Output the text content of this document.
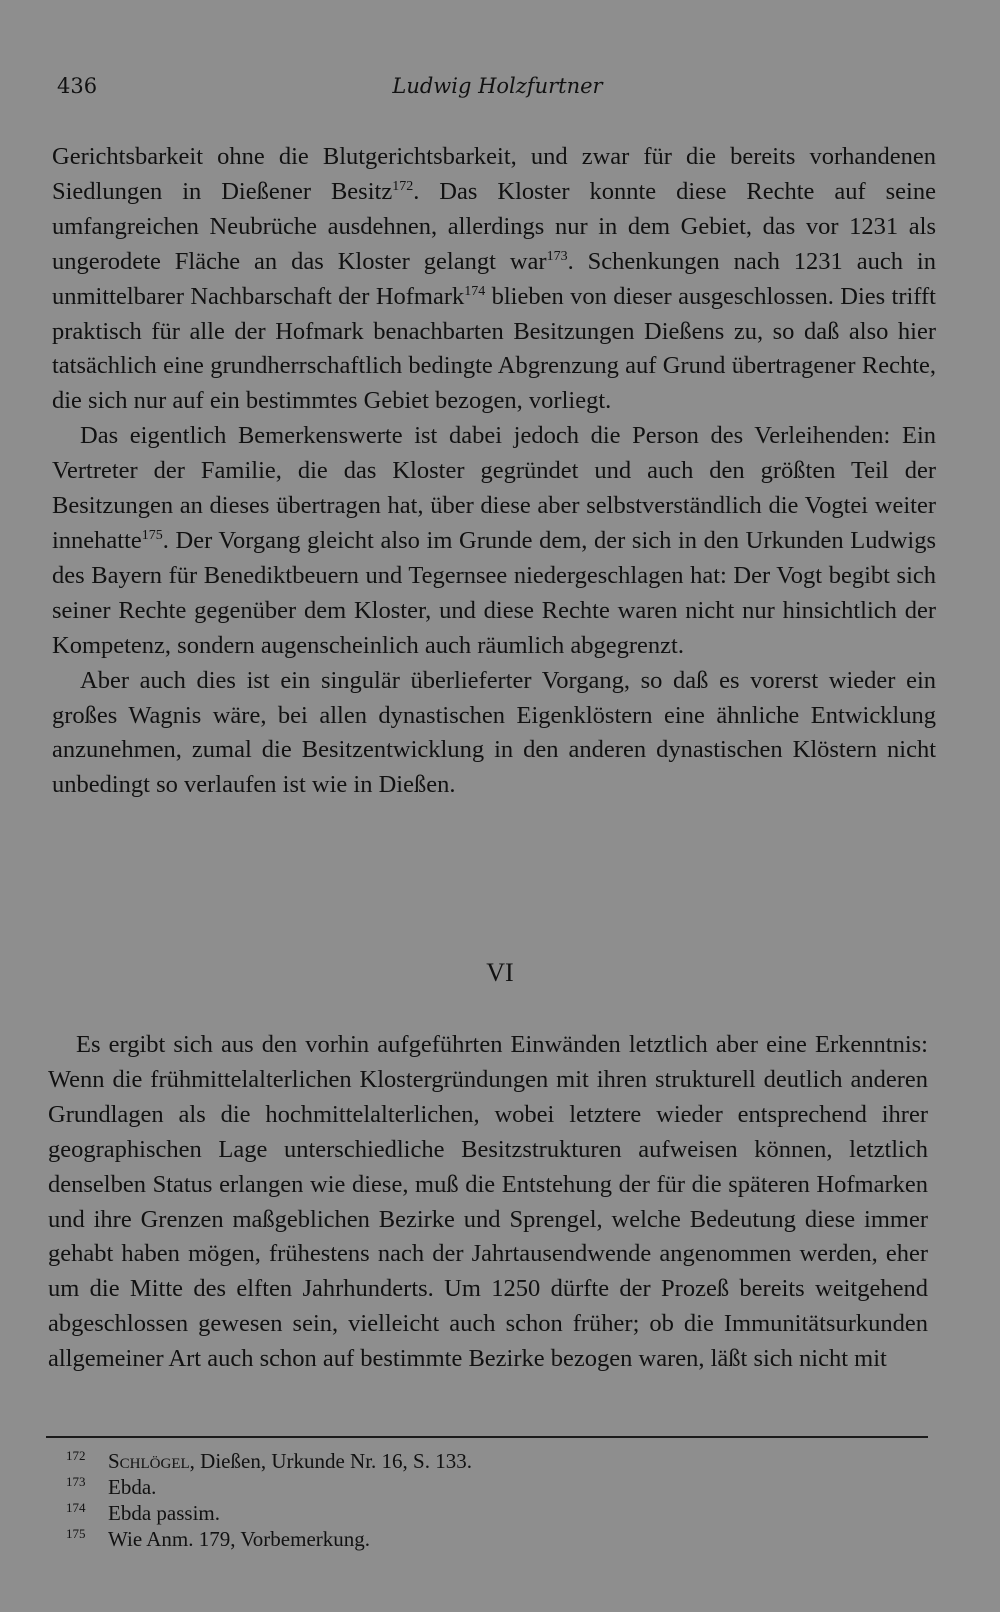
436	Ludwig Holzfurtner

Gerichtsbarkeit ohne die Blutgerichtsbarkeit, und zwar für die bereits vorhandenen Siedlungen in Dießener Besitz$^{172}$. Das Kloster konnte diese Rechte auf seine umfangreichen Neubrüche ausdehnen, allerdings nur in dem Gebiet, das vor 1231 als ungerodete Fläche an das Kloster gelangt war$^{173}$. Schenkungen nach 1231 auch in unmittelbarer Nachbarschaft der Hofmark$^{174}$ blieben von dieser ausgeschlossen. Dies trifft praktisch für alle der Hofmark benachbarten Besitzungen Dießens zu, so daß also hier tatsächlich eine grundherrschaftlich bedingte Abgrenzung auf Grund übertragener Rechte, die sich nur auf ein bestimmtes Gebiet bezogen, vorliegt.

Das eigentlich Bemerkenswerte ist dabei jedoch die Person des Verleihenden: Ein Vertreter der Familie, die das Kloster gegründet und auch den größten Teil der Besitzungen an dieses übertragen hat, über diese aber selbstverständlich die Vogtei weiter innehatte$^{175}$. Der Vorgang gleicht also im Grunde dem, der sich in den Urkunden Ludwigs des Bayern für Benediktbeuern und Tegernsee niedergeschlagen hat: Der Vogt begibt sich seiner Rechte gegenüber dem Kloster, und diese Rechte waren nicht nur hinsichtlich der Kompetenz, sondern augenscheinlich auch räumlich abgegrenzt.

Aber auch dies ist ein singulär überlieferter Vorgang, so daß es vorerst wieder ein großes Wagnis wäre, bei allen dynastischen Eigenklöstern eine ähnliche Entwicklung anzunehmen, zumal die Besitzentwicklung in den anderen dynastischen Klöstern nicht unbedingt so verlaufen ist wie in Dießen.

VI

Es ergibt sich aus den vorhin aufgeführten Einwänden letztlich aber eine Erkenntnis: Wenn die frühmittelalterlichen Klostergründungen mit ihren strukturell deutlich anderen Grundlagen als die hochmittelalterlichen, wobei letztere wieder entsprechend ihrer geographischen Lage unterschiedliche Besitzstrukturen aufweisen können, letztlich denselben Status erlangen wie diese, muß die Entstehung der für die späteren Hofmarken und ihre Grenzen maßgeblichen Bezirke und Sprengel, welche Bedeutung diese immer gehabt haben mögen, frühestens nach der Jahrtausendwende angenommen werden, eher um die Mitte des elften Jahrhunderts. Um 1250 dürfte der Prozeß bereits weitgehend abgeschlossen gewesen sein, vielleicht auch schon früher; ob die Immunitätsurkunden allgemeiner Art auch schon auf bestimmte Bezirke bezogen waren, läßt sich nicht mit

172 Schlögel, Dießen, Urkunde Nr. 16, S. 133.
173 Ebda.
174 Ebda passim.
175 Wie Anm. 179, Vorbemerkung.
